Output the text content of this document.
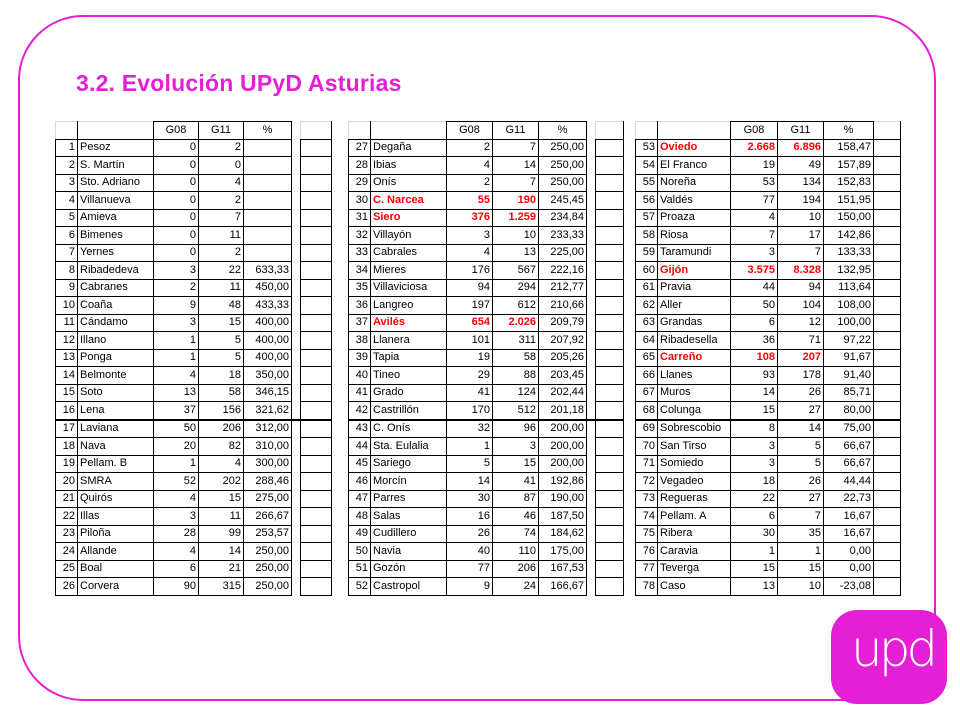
3.2. Evolución UPyD Asturias
		G08	G11	%		
1	Pesoz	0	2			
2	S. Martín	0	0			
3	Sto. Adriano	0	4			
4	Villanueva	0	2			
5	Amieva	0	7			
6	Bimenes	0	11			
7	Yernes	0	2			
8	Ribadedeva	3	22	633,33		
9	Cabranes	2	11	450,00		
10	Coaña	9	48	433,33		
11	Cándamo	3	15	400,00		
12	Illano	1	5	400,00		
13	Ponga	1	5	400,00		
14	Belmonte	4	18	350,00		
15	Soto	13	58	346,15		
16	Lena	37	156	321,62		
17	Laviana	50	206	312,00		
18	Nava	20	82	310,00		
19	Pellam. B	1	4	300,00		
20	SMRA	52	202	288,46		
21	Quirós	4	15	275,00		
22	Illas	3	11	266,67		
23	Piloña	28	99	253,57		
24	Allande	4	14	250,00		
25	Boal	6	21	250,00		
26	Corvera	90	315	250,00		
		G08	G11	%		
27	Degaña	2	7	250,00		
28	Ibias	4	14	250,00		
29	Onís	2	7	250,00		
30	C. Narcea	55	190	245,45		
31	Siero	376	1.259	234,84		
32	Villayón	3	10	233,33		
33	Cabrales	4	13	225,00		
34	Mieres	176	567	222,16		
35	Villaviciosa	94	294	212,77		
36	Langreo	197	612	210,66		
37	Avilés	654	2.026	209,79		
38	Llanera	101	311	207,92		
39	Tapia	19	58	205,26		
40	Tineo	29	88	203,45		
41	Grado	41	124	202,44		
42	Castrillón	170	512	201,18		
43	C. Onís	32	96	200,00		
44	Sta. Eulalia	1	3	200,00		
45	Sariego	5	15	200,00		
46	Morcín	14	41	192,86		
47	Parres	30	87	190,00		
48	Salas	16	46	187,50		
49	Cudillero	26	74	184,62		
50	Navia	40	110	175,00		
51	Gozón	77	206	167,53		
52	Castropol	9	24	166,67		
		G08	G11	%	
53	Oviedo	2.668	6.896	158,47	
54	El Franco	19	49	157,89	
55	Noreña	53	134	152,83	
56	Valdés	77	194	151,95	
57	Proaza	4	10	150,00	
58	Riosa	7	17	142,86	
59	Taramundi	3	7	133,33	
60	Gijón	3.575	8.328	132,95	
61	Pravia	44	94	113,64	
62	Aller	50	104	108,00	
63	Grandas	6	12	100,00	
64	Ribadesella	36	71	97,22	
65	Carreño	108	207	91,67	
66	Llanes	93	178	91,40	
67	Muros	14	26	85,71	
68	Colunga	15	27	80,00	
69	Sobrescobio	8	14	75,00	
70	San Tirso	3	5	66,67	
71	Somiedo	3	5	66,67	
72	Vegadeo	18	26	44,44	
73	Regueras	22	27	22,73	
74	Pellam. A	6	7	16,67	
75	Ribera	30	35	16,67	
76	Caravia	1	1	0,00	
77	Teverga	15	15	0,00	
78	Caso	13	10	-23,08	
upd
